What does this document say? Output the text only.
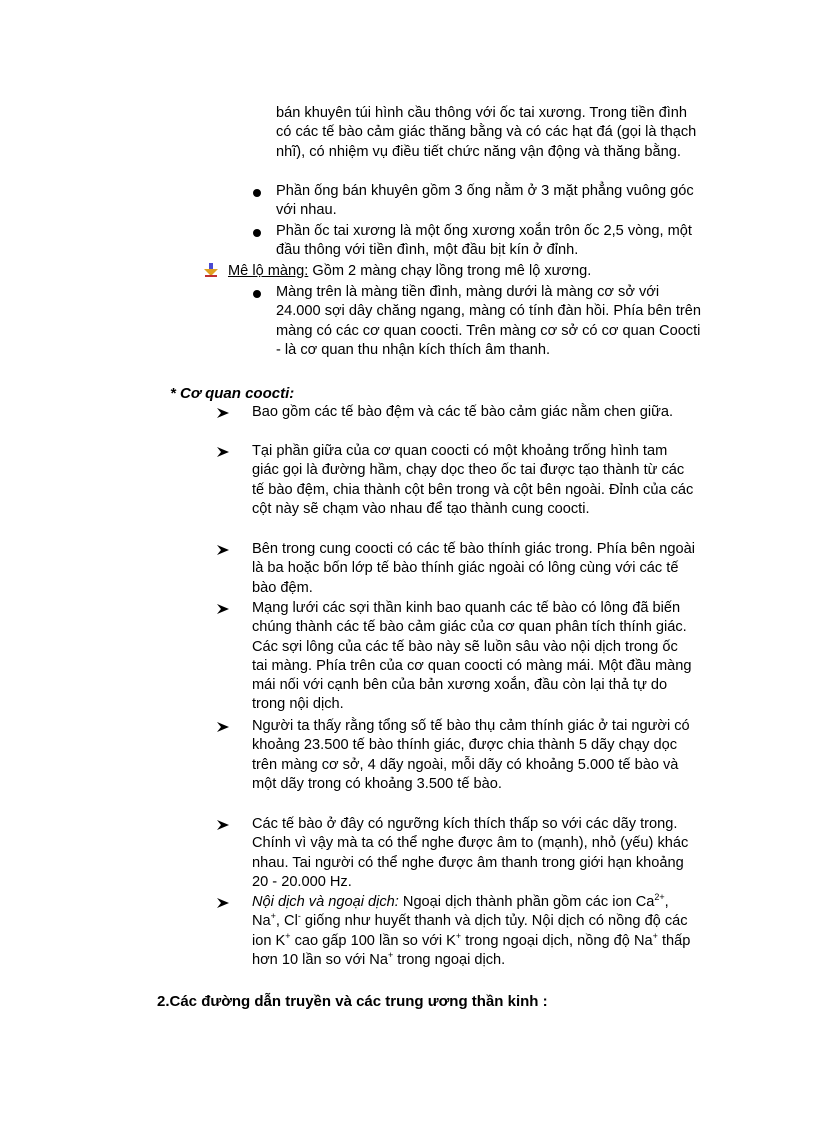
bán khuyên túi hình cầu thông với ốc tai xương. Trong tiền đình có các tế bào cảm giác thăng bằng và có các hạt đá (gọi là thạch nhĩ), có nhiệm vụ điều tiết chức năng vận động và thăng bằng.
Phần ống bán khuyên gồm 3 ống nằm ở 3 mặt phẳng vuông góc với nhau.
Phần ốc tai xương là một ống xương xoắn trôn ốc 2,5 vòng, một đầu thông với tiền đình, một đầu bịt kín ở đỉnh.
Mê lộ màng: Gồm 2 màng chạy lồng trong mê lộ xương.
Màng trên là màng tiền đình, màng dưới là màng cơ sở với 24.000 sợi dây chăng ngang, màng có tính đàn hồi. Phía bên trên màng có các cơ quan coocti. Trên màng cơ sở có cơ quan Coocti - là cơ quan thu nhận kích thích âm thanh.
* Cơ quan coocti:
Bao gồm các tế bào đệm và các tế bào cảm giác nằm chen giữa.
Tại phần giữa của cơ quan coocti có một khoảng trống hình tam giác gọi là đường hầm, chạy dọc theo ốc tai được tạo thành từ các tế bào đệm, chia thành cột bên trong và cột bên ngoài. Đỉnh của các cột này sẽ chạm vào nhau để tạo thành cung coocti.
Bên trong cung coocti có các tế bào thính giác trong. Phía bên ngoài là ba hoặc bốn lớp tế bào thính giác ngoài có lông cùng với các tế bào đệm.
Mạng lưới các sợi thần kinh bao quanh các tế bào có lông đã biến chúng thành các tế bào cảm giác của cơ quan phân tích thính giác. Các sợi lông của các tế bào này sẽ luồn sâu vào nội dịch trong ốc tai màng. Phía trên của cơ quan coocti có màng mái. Một đầu màng mái nối với cạnh bên của bản xương xoắn, đầu còn lại thả tự do trong nội dịch.
Người ta thấy rằng tổng số tế bào thụ cảm thính giác ở tai người có khoảng 23.500 tế bào thính giác, được chia thành 5 dãy chạy dọc trên màng cơ sở, 4 dãy ngoài, mỗi dãy có khoảng 5.000 tế bào và một dãy trong có khoảng 3.500 tế bào.
Các tế bào ở đây có ngưỡng kích thích thấp so với các dãy trong. Chính vì vậy mà ta có thể nghe được âm to (mạnh), nhỏ (yếu) khác nhau. Tai người có thể nghe được âm thanh trong giới hạn khoảng 20 - 20.000 Hz.
Nội dịch và ngoại dịch: Ngoại dịch thành phần gồm các ion $Ca^{2+}$, Na+, Cl- giống như huyết thanh và dịch tủy. Nội dịch có nồng độ các ion K+ cao gấp 100 lần so với K+ trong ngoại dịch, nồng độ Na+ thấp hơn 10 lần so với Na+ trong ngoại dịch.
2.Các đường dẫn truyền và các trung ương thần kinh :
